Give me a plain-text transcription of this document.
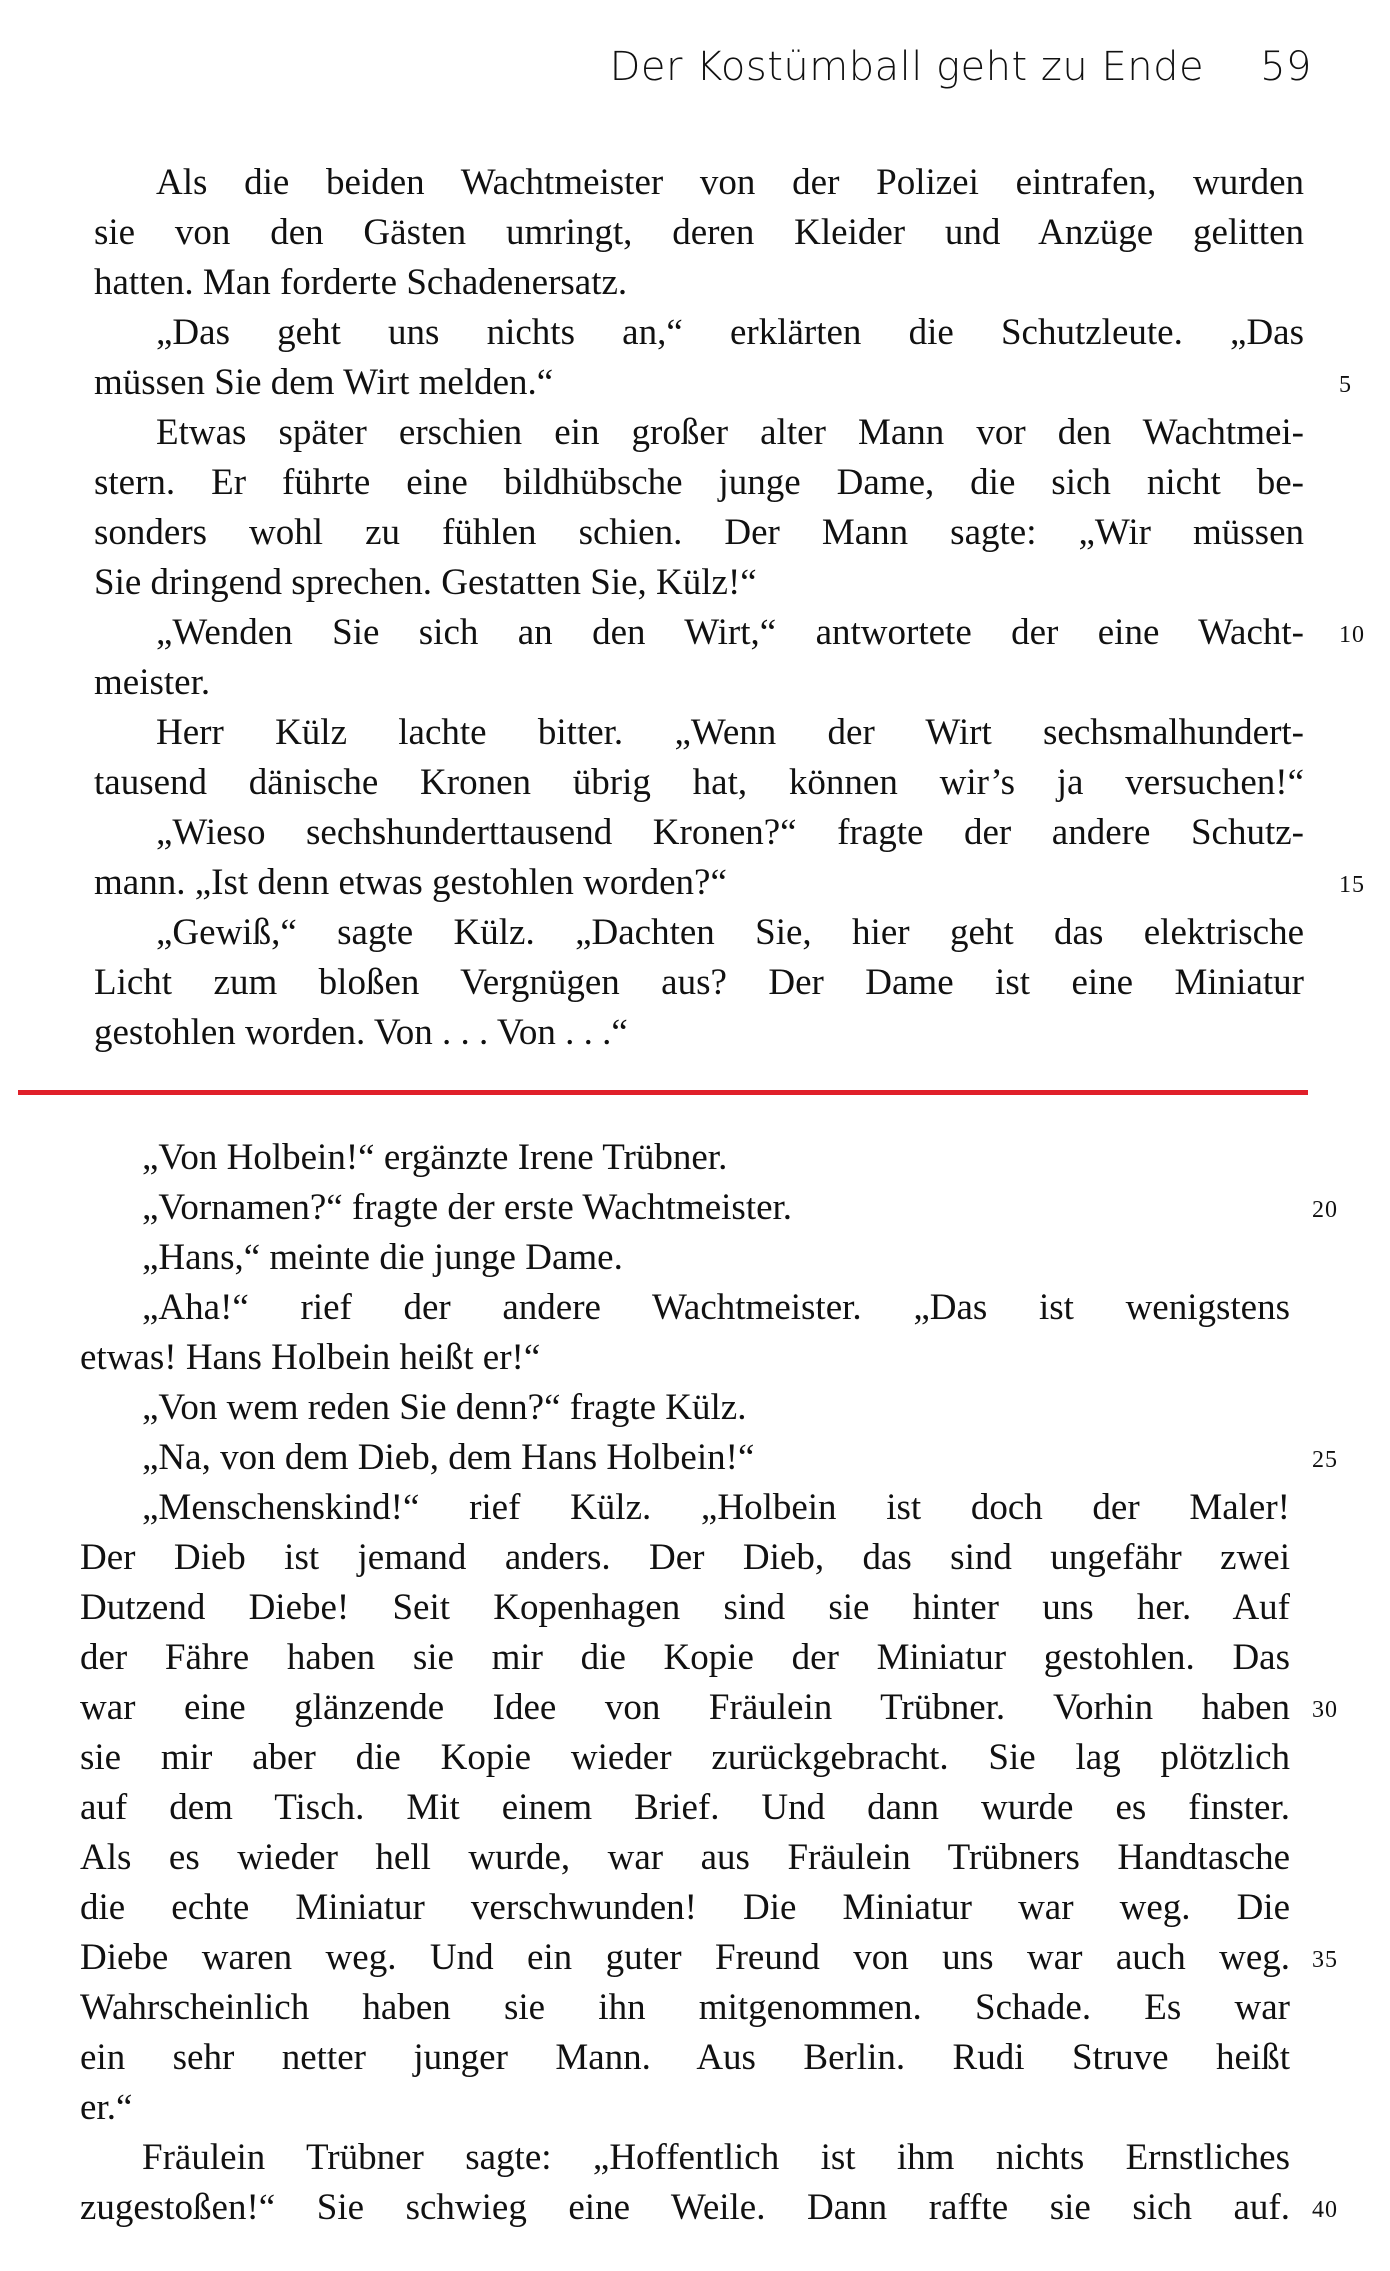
Der Kostümball geht zu Ende 59
Als die beiden Wachtmeister von der Polizei eintrafen, wurden
sie von den Gästen umringt, deren Kleider und Anzüge gelitten
hatten. Man forderte Schadenersatz.
„Das geht uns nichts an,“ erklärten die Schutzleute. „Das
müssen Sie dem Wirt melden.“	5
Etwas später erschien ein großer alter Mann vor den Wachtmei-
stern. Er führte eine bildhübsche junge Dame, die sich nicht be-
sonders wohl zu fühlen schien. Der Mann sagte: „Wir müssen
Sie dringend sprechen. Gestatten Sie, Külz!“
„Wenden Sie sich an den Wirt,“ antwortete der eine Wacht- 10
meister.
Herr Külz lachte bitter. „Wenn der Wirt sechsmalhundert-
tausend dänische Kronen übrig hat, können wir’s ja versuchen!“
„Wieso sechshunderttausend Kronen?“ fragte der andere Schutz-
mann. „Ist denn etwas gestohlen worden?“	15
„Gewiß,“ sagte Külz. „Dachten Sie, hier geht das elektrische
Licht zum bloßen Vergnügen aus? Der Dame ist eine Miniatur
gestohlen worden. Von . . . Von . . .“
„Von Holbein!“ ergänzte Irene Trübner.
„Vornamen?“ fragte der erste Wachtmeister.	20
„Hans,“ meinte die junge Dame.
„Aha!“ rief der andere Wachtmeister. „Das ist wenigstens
etwas! Hans Holbein heißt er!“
„Von wem reden Sie denn?“ fragte Külz.
„Na, von dem Dieb, dem Hans Holbein!“	25
„Menschenskind!“ rief Külz. „Holbein ist doch der Maler!
Der Dieb ist jemand anders. Der Dieb, das sind ungefähr zwei
Dutzend Diebe! Seit Kopenhagen sind sie hinter uns her. Auf
der Fähre haben sie mir die Kopie der Miniatur gestohlen. Das
war eine glänzende Idee von Fräulein Trübner. Vorhin haben 30
sie mir aber die Kopie wieder zurückgebracht. Sie lag plötzlich
auf dem Tisch. Mit einem Brief. Und dann wurde es finster.
Als es wieder hell wurde, war aus Fräulein Trübners Handtasche
die echte Miniatur verschwunden! Die Miniatur war weg. Die
Diebe waren weg. Und ein guter Freund von uns war auch weg. 35
Wahrscheinlich haben sie ihn mitgenommen. Schade. Es war
ein sehr netter junger Mann. Aus Berlin. Rudi Struve heißt
er.“
Fräulein Trübner sagte: „Hoffentlich ist ihm nichts Ernstliches
zugestoßen!“ Sie schwieg eine Weile. Dann raffte sie sich auf. 40
